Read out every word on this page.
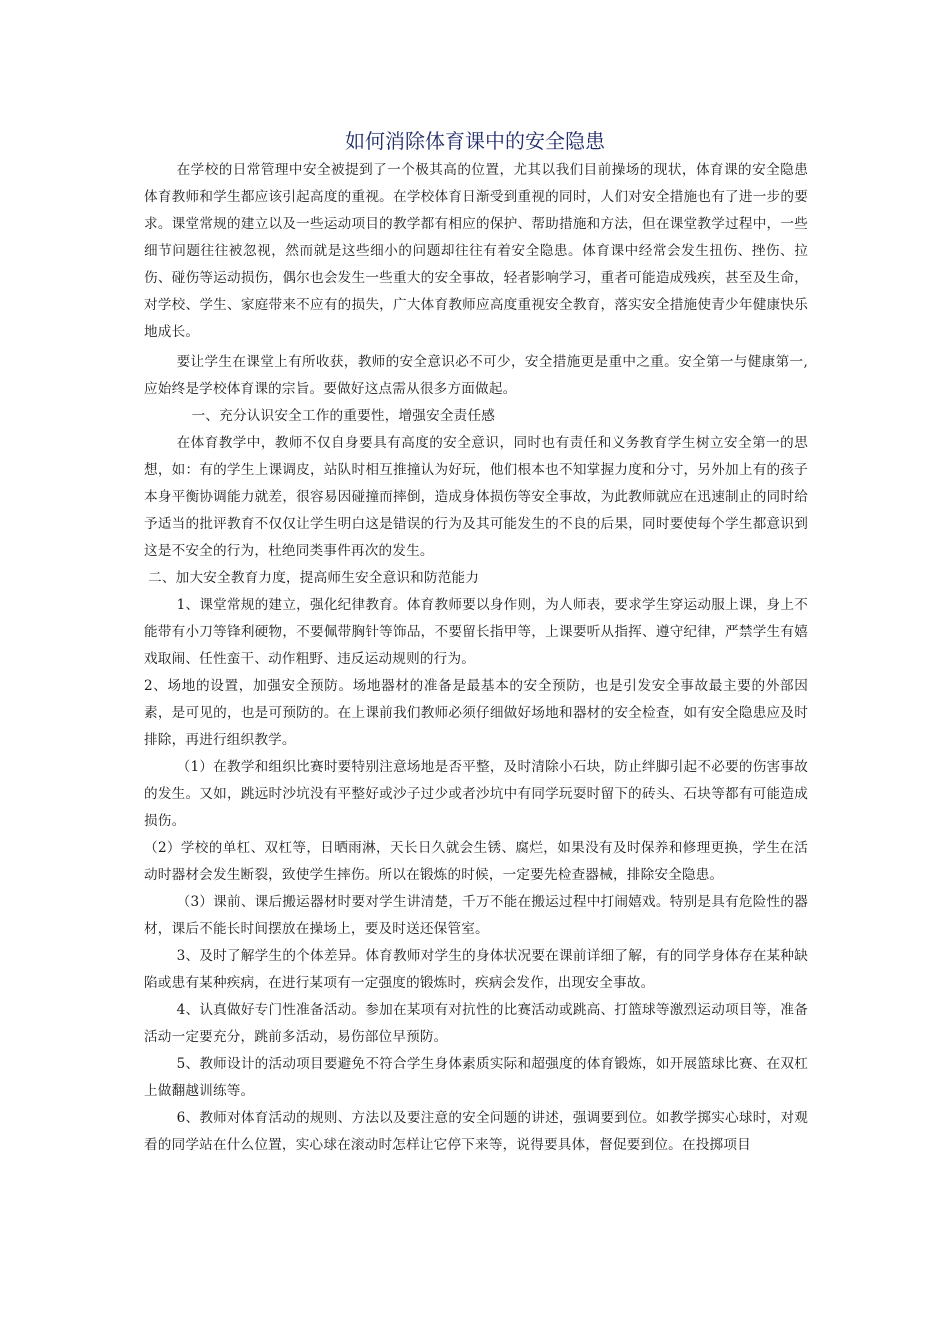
如何消除体育课中的安全隐患

在学校的日常管理中安全被提到了一个极其高的位置，尤其以我们目前操场的现状，体育课的安全隐患体育教师和学生都应该引起高度的重视。在学校体育日渐受到重视的同时，人们对安全措施也有了进一步的要求。课堂常规的建立以及一些运动项目的教学都有相应的保护、帮助措施和方法，但在课堂教学过程中，一些细节问题往往被忽视，然而就是这些细小的问题却往往有着安全隐患。体育课中经常会发生扭伤、挫伤、拉伤、碰伤等运动损伤，偶尔也会发生一些重大的安全事故，轻者影响学习，重者可能造成残疾，甚至及生命，对学校、学生、家庭带来不应有的损失，广大体育教师应高度重视安全教育，落实安全措施使青少年健康快乐地成长。

要让学生在课堂上有所收获，教师的安全意识必不可少，安全措施更是重中之重。安全第一与健康第一,应始终是学校体育课的宗旨。要做好这点需从很多方面做起。

一、充分认识安全工作的重要性，增强安全责任感

在体育教学中，教师不仅自身要具有高度的安全意识，同时也有责任和义务教育学生树立安全第一的思想，如：有的学生上课调皮，站队时相互推撞认为好玩，他们根本也不知掌握力度和分寸，另外加上有的孩子本身平衡协调能力就差，很容易因碰撞而摔倒，造成身体损伤等安全事故，为此教师就应在迅速制止的同时给予适当的批评教育不仅仅让学生明白这是错误的行为及其可能发生的不良的后果，同时要使每个学生都意识到这是不安全的行为，杜绝同类事件再次的发生。

二、加大安全教育力度，提高师生安全意识和防范能力

1、课堂常规的建立，强化纪律教育。体育教师要以身作则，为人师表，要求学生穿运动服上课，身上不能带有小刀等锋利硬物，不要佩带胸针等饰品，不要留长指甲等，上课要听从指挥、遵守纪律，严禁学生有嬉戏取闹、任性蛮干、动作粗野、违反运动规则的行为。

2、场地的设置，加强安全预防。场地器材的准备是最基本的安全预防，也是引发安全事故最主要的外部因素，是可见的，也是可预防的。在上课前我们教师必须仔细做好场地和器材的安全检查，如有安全隐患应及时排除，再进行组织教学。

（1）在教学和组织比赛时要特别注意场地是否平整，及时清除小石块，防止绊脚引起不必要的伤害事故的发生。又如，跳远时沙坑没有平整好或沙子过少或者沙坑中有同学玩耍时留下的砖头、石块等都有可能造成损伤。

（2）学校的单杠、双杠等，日晒雨淋，天长日久就会生锈、腐烂，如果没有及时保养和修理更换，学生在活动时器材会发生断裂，致使学生摔伤。所以在锻炼的时候，一定要先检查器械，排除安全隐患。

（3）课前、课后搬运器材时要对学生讲清楚，千万不能在搬运过程中打闹嬉戏。特别是具有危险性的器材，课后不能长时间摆放在操场上，要及时送还保管室。

3、及时了解学生的个体差异。体育教师对学生的身体状况要在课前详细了解，有的同学身体存在某种缺陷或患有某种疾病，在进行某项有一定强度的锻炼时，疾病会发作，出现安全事故。

4、认真做好专门性准备活动。参加在某项有对抗性的比赛活动或跳高、打篮球等激烈运动项目等，准备活动一定要充分，跳前多活动，易伤部位早预防。

5、教师设计的活动项目要避免不符合学生身体素质实际和超强度的体育锻炼，如开展篮球比赛、在双杠上做翻越训练等。

6、教师对体育活动的规则、方法以及要注意的安全问题的讲述，强调要到位。如教学掷实心球时，对观看的同学站在什么位置，实心球在滚动时怎样让它停下来等，说得要具体，督促要到位。在投掷项目
